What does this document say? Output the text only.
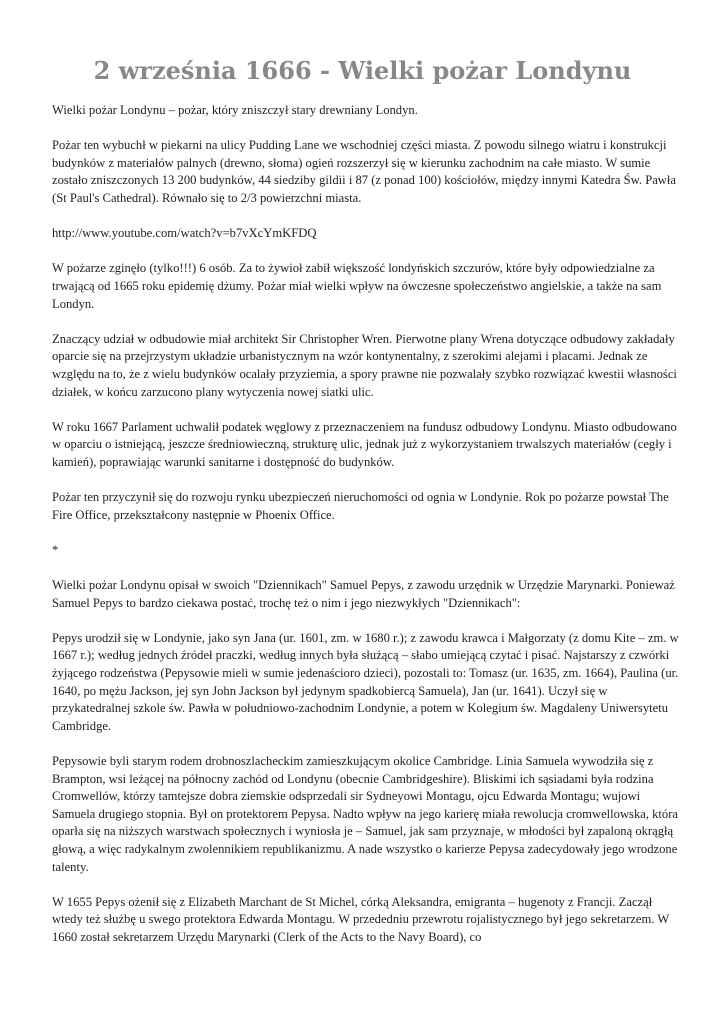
2 września 1666 - Wielki pożar Londynu

Wielki pożar Londynu – pożar, który zniszczył stary drewniany Londyn.

Pożar ten wybuchł w piekarni na ulicy Pudding Lane we wschodniej części miasta. Z powodu silnego wiatru i konstrukcji budynków z materiałów palnych (drewno, słoma) ogień rozszerzył się w kierunku zachodnim na całe miasto. W sumie zostało zniszczonych 13 200 budynków, 44 siedziby gildii i 87 (z ponad 100) kościołów, między innymi Katedra Św. Pawła (St Paul's Cathedral). Równało się to 2/3 powierzchni miasta.

http://www.youtube.com/watch?v=b7vXcYmKFDQ

W pożarze zginęło (tylko!!!) 6 osób. Za to żywioł zabił większość londyńskich szczurów, które były odpowiedzialne za trwającą od 1665 roku epidemię dżumy. Pożar miał wielki wpływ na ówczesne społeczeństwo angielskie, a także na sam Londyn.

Znaczący udział w odbudowie miał architekt Sir Christopher Wren. Pierwotne plany Wrena dotyczące odbudowy zakładały oparcie się na przejrzystym układzie urbanistycznym na wzór kontynentalny, z szerokimi alejami i placami. Jednak ze względu na to, że z wielu budynków ocalały przyziemia, a spory prawne nie pozwalały szybko rozwiązać kwestii własności działek, w końcu zarzucono plany wytyczenia nowej siatki ulic.

W roku 1667 Parlament uchwalił podatek węglowy z przeznaczeniem na fundusz odbudowy Londynu. Miasto odbudowano w oparciu o istniejącą, jeszcze średniowieczną, strukturę ulic, jednak już z wykorzystaniem trwalszych materiałów (cegły i kamień), poprawiając warunki sanitarne i dostępność do budynków.

Pożar ten przyczynił się do rozwoju rynku ubezpieczeń nieruchomości od ognia w Londynie. Rok po pożarze powstał The Fire Office, przekształcony następnie w Phoenix Office.

*

Wielki pożar Londynu opisał w swoich "Dziennikach" Samuel Pepys, z zawodu urzędnik w Urzędzie Marynarki. Ponieważ Samuel Pepys to bardzo ciekawa postać, trochę też o nim i jego niezwykłych "Dziennikach":

Pepys urodził się w Londynie, jako syn Jana (ur. 1601, zm. w 1680 r.); z zawodu krawca i Małgorzaty (z domu Kite – zm. w 1667 r.); według jednych źródeł praczki, według innych była służącą – słabo umiejącą czytać i pisać. Najstarszy z czwórki żyjącego rodzeństwa (Pepysowie mieli w sumie jedenaścioro dzieci), pozostali to: Tomasz (ur. 1635, zm. 1664), Paulina (ur. 1640, po mężu Jackson, jej syn John Jackson był jedynym spadkobiercą Samuela), Jan (ur. 1641). Uczył się w przykatedralnej szkole św. Pawła w południowo-zachodnim Londynie, a potem w Kolegium św. Magdaleny Uniwersytetu Cambridge.

Pepysowie byli starym rodem drobnoszlacheckim zamieszkującym okolice Cambridge. Linia Samuela wywodziła się z Brampton, wsi leżącej na północny zachód od Londynu (obecnie Cambridgeshire). Bliskimi ich sąsiadami była rodzina Cromwellów, którzy tamtejsze dobra ziemskie odsprzedali sir Sydneyowi Montagu, ojcu Edwarda Montagu; wujowi Samuela drugiego stopnia. Był on protektorem Pepysa. Nadto wpływ na jego karierę miała rewolucja cromwellowska, która oparła się na niższych warstwach społecznych i wyniosła je – Samuel, jak sam przyznaje, w młodości był zapaloną okrągłą głową, a więc radykalnym zwolennikiem republikanizmu. A nade wszystko o karierze Pepysa zadecydowały jego wrodzone talenty.

W 1655 Pepys ożenił się z Elizabeth Marchant de St Michel, córką Aleksandra, emigranta – hugenoty z Francji. Zaczął wtedy też służbę u swego protektora Edwarda Montagu. W przededniu przewrotu rojalistycznego był jego sekretarzem. W 1660 został sekretarzem Urzędu Marynarki (Clerk of the Acts to the Navy Board), co
